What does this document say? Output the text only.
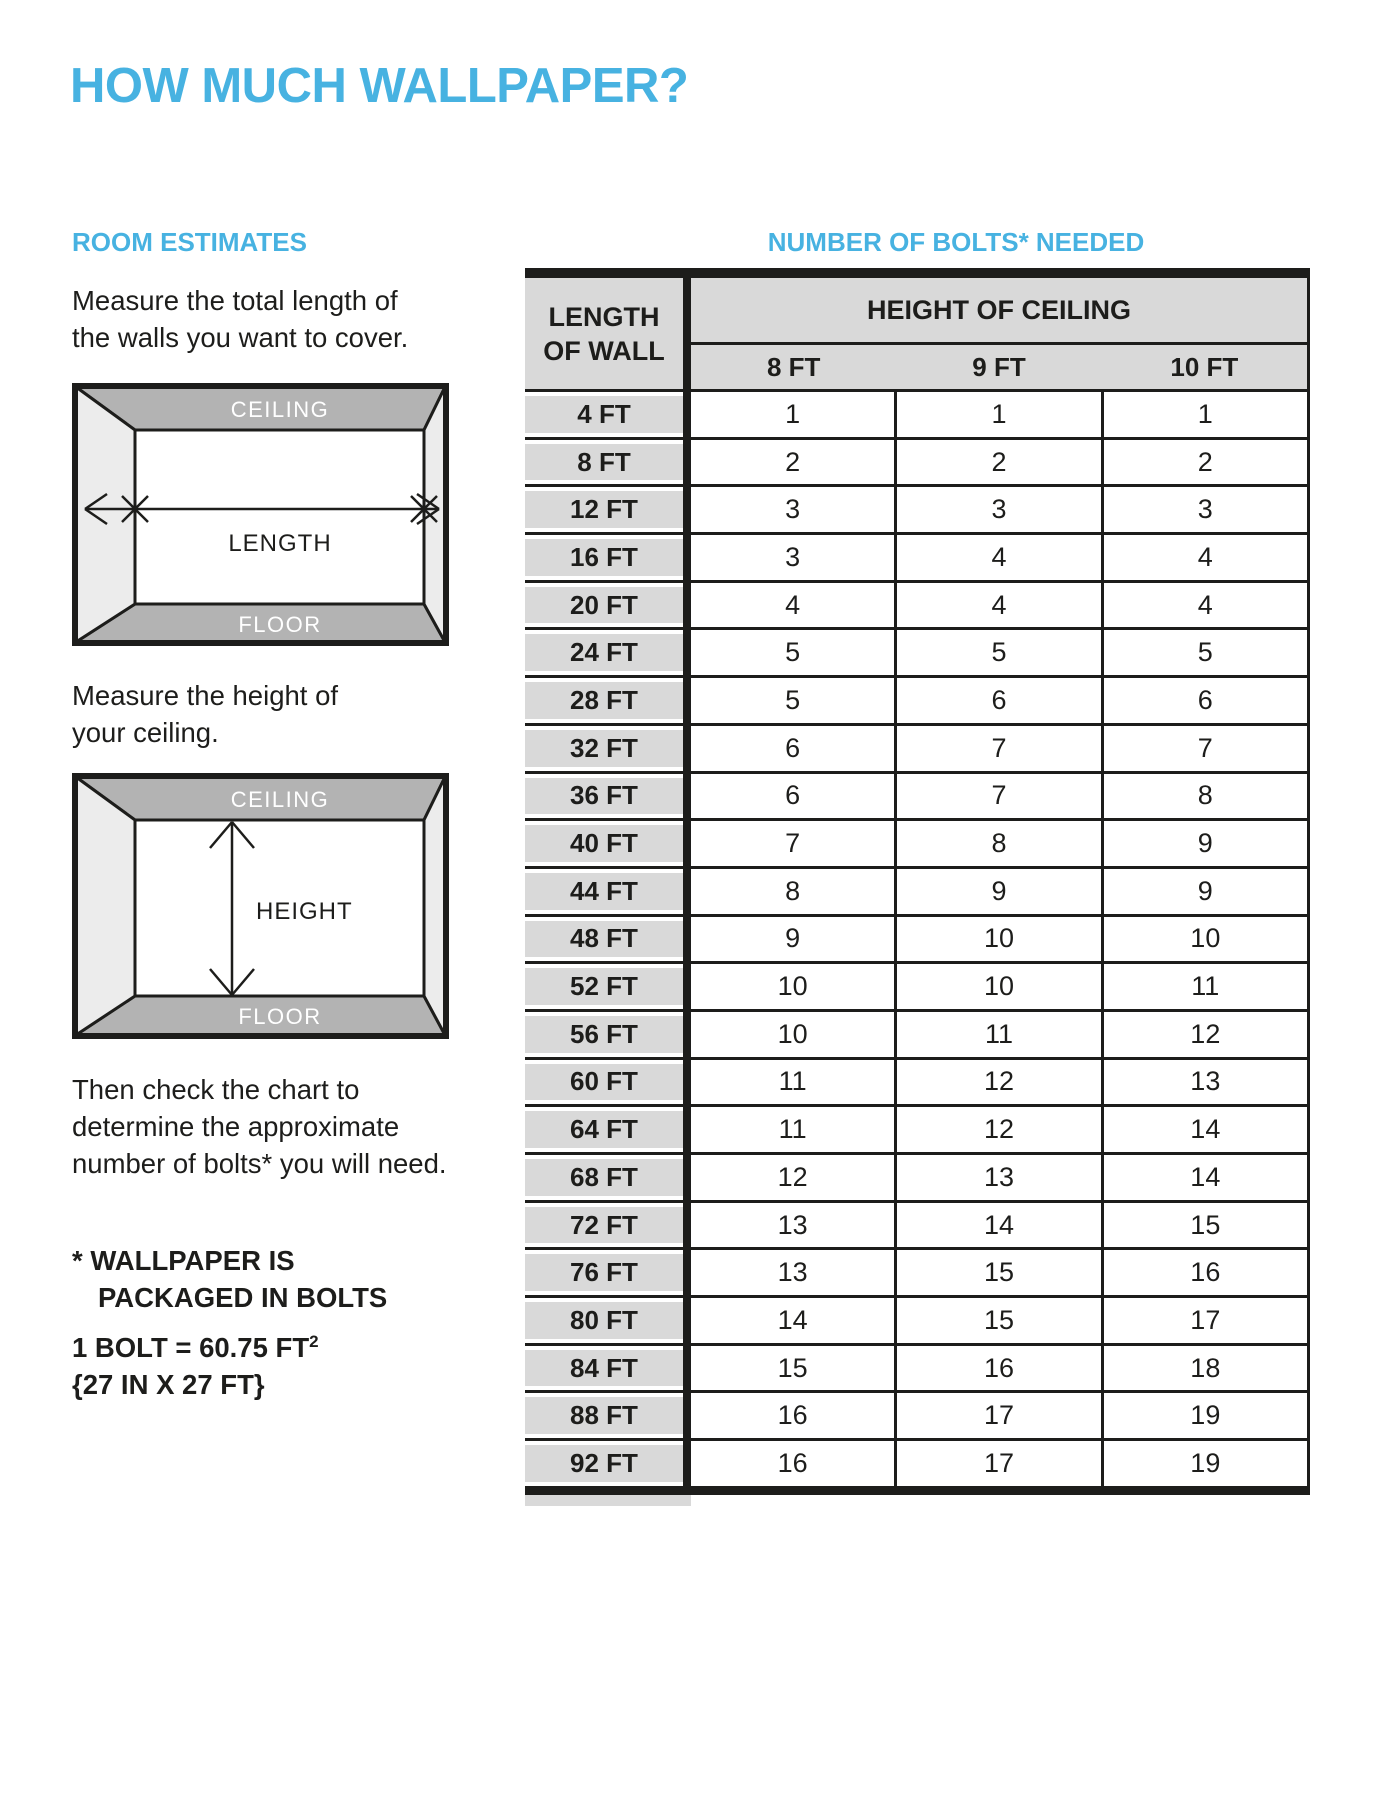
HOW MUCH WALLPAPER?
ROOM ESTIMATES	NUMBER OF BOLTS* NEEDED

Measure the total length of
the walls you want to cover.

CEILING
FLOOR
LENGTH

Measure the height of
your ceiling.

CEILING
FLOOR
HEIGHT

Then check the chart to
determine the approximate
number of bolts* you will need.

* WALLPAPER IS
PACKAGED IN BOLTS
1 BOLT = 60.75 $FT^2$
{27 IN X 27 FT}
LENGTH
OF WALL
HEIGHT OF CEILING
8 FT	9 FT	10 FT
4 FT	1	1	1
8 FT	2	2	2
12 FT	3	3	3
16 FT	3	4	4
20 FT	4	4	4
24 FT	5	5	5
28 FT	5	6	6
32 FT	6	7	7
36 FT	6	7	8
40 FT	7	8	9
44 FT	8	9	9
48 FT	9	10	10
52 FT	10	10	11
56 FT	10	11	12
60 FT	11	12	13
64 FT	11	12	14
68 FT	12	13	14
72 FT	13	14	15
76 FT	13	15	16
80 FT	14	15	17
84 FT	15	16	18
88 FT	16	17	19
92 FT	16	17	19
